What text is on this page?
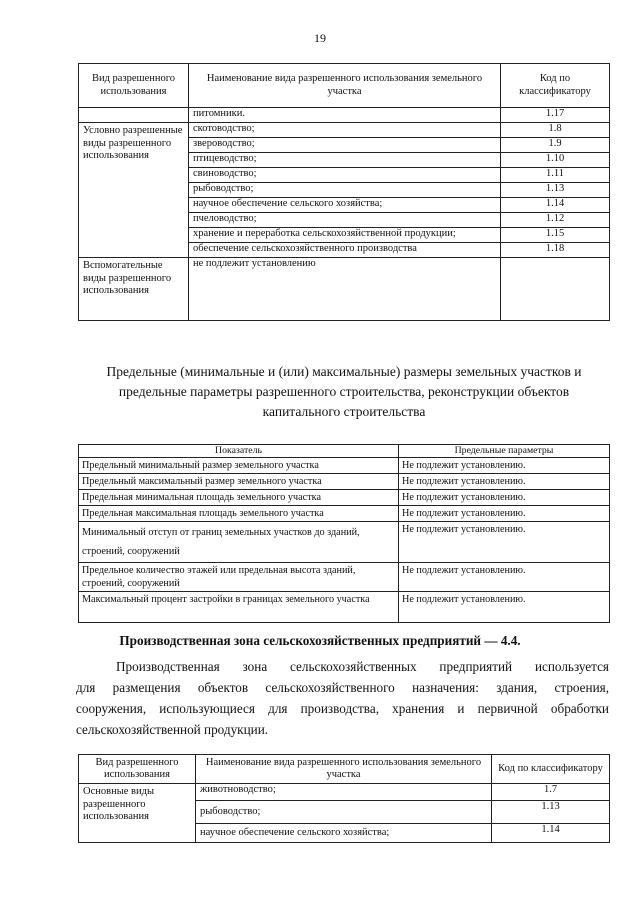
19
Вид разрешенного использования	Наименование вида разрешенного использования земельного участка	Код по классификатору
	питомники.	1.17
Условно разрешенные виды разрешенного использования	скотоводство;	1.8
	звероводство;	1.9
	птицеводство;	1.10
	свиноводство;	1.11
	рыбоводство;	1.13
	научное обеспечение сельского хозяйства;	1.14
	пчеловодство;	1.12
	хранение и переработка сельскохозяйственной продукции;	1.15
	обеспечение сельскохозяйственного производства	1.18
Вспомогательные виды разрешенного использования	не подлежит установлению	
Предельные (минимальные и (или) максимальные) размеры земельных участков и
предельные параметры разрешенного строительства, реконструкции объектов
капитального строительства
Показатель	Предельные параметры
Предельный минимальный размер земельного участка	Не подлежит установлению.
Предельный максимальный размер земельного участка	Не подлежит установлению.
Предельная минимальная площадь земельного участка	Не подлежит установлению.
Предельная максимальная площадь земельного участка	Не подлежит установлению.
Минимальный отступ от границ земельных участков до зданий, строений, сооружений	Не подлежит установлению.
Предельное количество этажей или предельная высота зданий, строений, сооружений	Не подлежит установлению.
Максимальный процент застройки в границах земельного участка	Не подлежит установлению.
Производственная зона сельскохозяйственных предприятий — 4.4.
Производственная зона сельскохозяйственных предприятий используется
для размещения объектов сельскохозяйственного назначения: здания, строения,
сооружения, использующиеся для производства, хранения и первичной обработки
сельскохозяйственной продукции.
Вид разрешенного использования	Наименование вида разрешенного использования земельного участка	Код по классификатору
Основные виды разрешенного использования	животноводство;	1.7
	рыбоводство;	1.13
	научное обеспечение сельского хозяйства;	1.14
